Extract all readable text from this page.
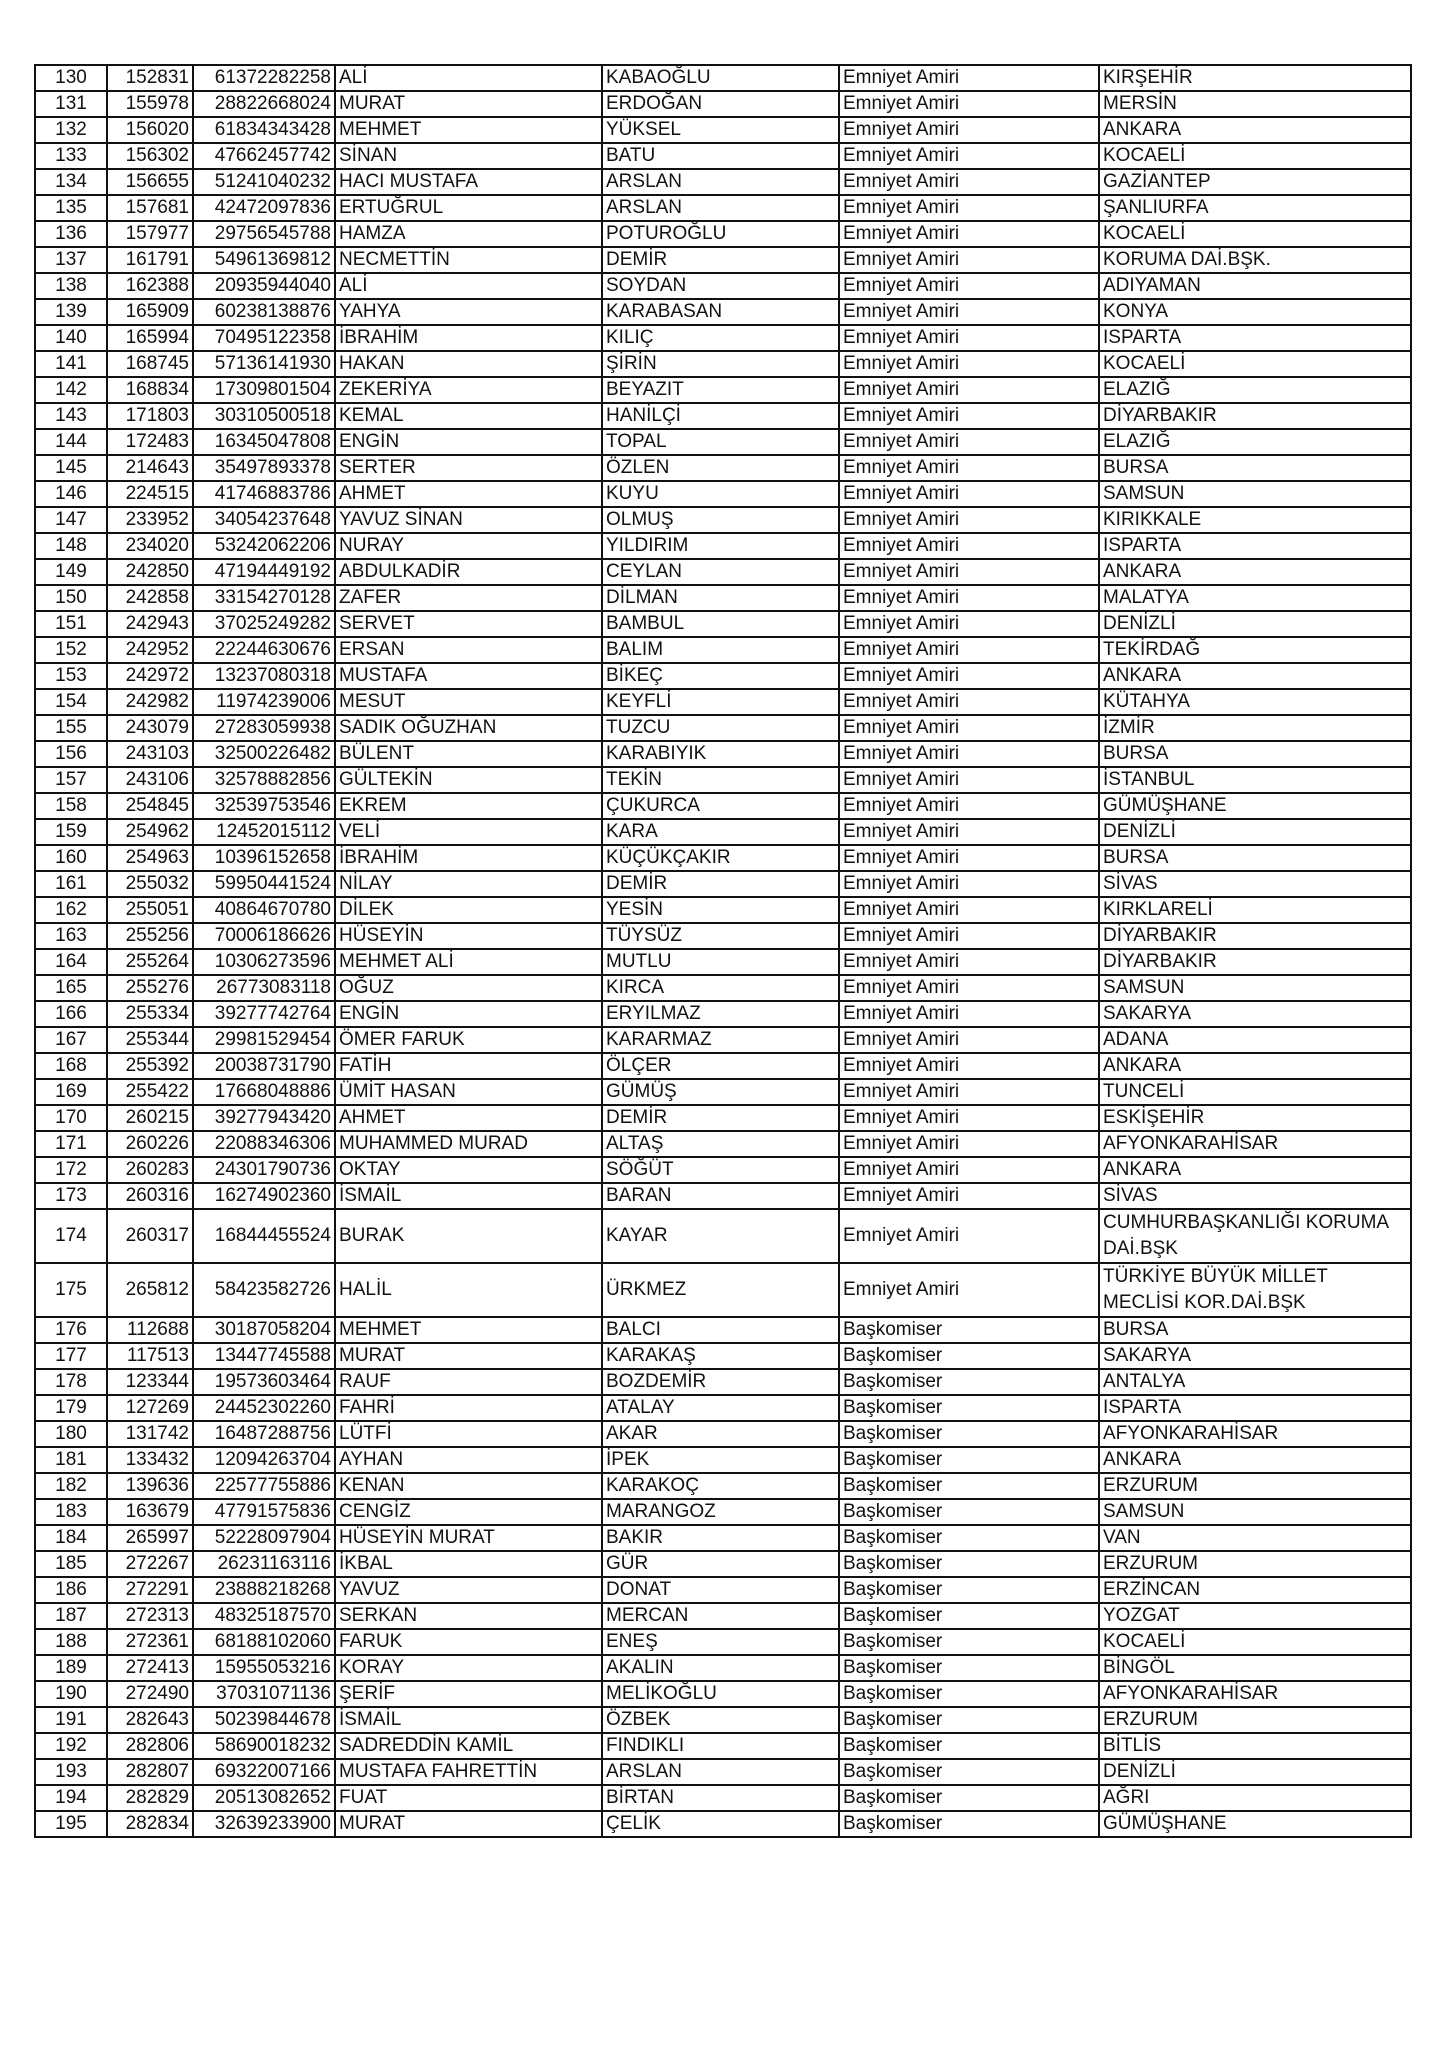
130	152831	61372282258	ALİ	KABAOĞLU	Emniyet Amiri	KIRŞEHİR
131	155978	28822668024	MURAT	ERDOĞAN	Emniyet Amiri	MERSİN
132	156020	61834343428	MEHMET	YÜKSEL	Emniyet Amiri	ANKARA
133	156302	47662457742	SİNAN	BATU	Emniyet Amiri	KOCAELİ
134	156655	51241040232	HACI MUSTAFA	ARSLAN	Emniyet Amiri	GAZİANTEP
135	157681	42472097836	ERTUĞRUL	ARSLAN	Emniyet Amiri	ŞANLIURFA
136	157977	29756545788	HAMZA	POTUROĞLU	Emniyet Amiri	KOCAELİ
137	161791	54961369812	NECMETTİN	DEMİR	Emniyet Amiri	KORUMA DAİ.BŞK.
138	162388	20935944040	ALİ	SOYDAN	Emniyet Amiri	ADIYAMAN
139	165909	60238138876	YAHYA	KARABASAN	Emniyet Amiri	KONYA
140	165994	70495122358	İBRAHİM	KILIÇ	Emniyet Amiri	ISPARTA
141	168745	57136141930	HAKAN	ŞİRİN	Emniyet Amiri	KOCAELİ
142	168834	17309801504	ZEKERİYA	BEYAZIT	Emniyet Amiri	ELAZIĞ
143	171803	30310500518	KEMAL	HANİLÇİ	Emniyet Amiri	DİYARBAKIR
144	172483	16345047808	ENGİN	TOPAL	Emniyet Amiri	ELAZIĞ
145	214643	35497893378	SERTER	ÖZLEN	Emniyet Amiri	BURSA
146	224515	41746883786	AHMET	KUYU	Emniyet Amiri	SAMSUN
147	233952	34054237648	YAVUZ SİNAN	OLMUŞ	Emniyet Amiri	KIRIKKALE
148	234020	53242062206	NURAY	YILDIRIM	Emniyet Amiri	ISPARTA
149	242850	47194449192	ABDULKADİR	CEYLAN	Emniyet Amiri	ANKARA
150	242858	33154270128	ZAFER	DİLMAN	Emniyet Amiri	MALATYA
151	242943	37025249282	SERVET	BAMBUL	Emniyet Amiri	DENİZLİ
152	242952	22244630676	ERSAN	BALIM	Emniyet Amiri	TEKİRDAĞ
153	242972	13237080318	MUSTAFA	BİKEÇ	Emniyet Amiri	ANKARA
154	242982	11974239006	MESUT	KEYFLİ	Emniyet Amiri	KÜTAHYA
155	243079	27283059938	SADIK OĞUZHAN	TUZCU	Emniyet Amiri	İZMİR
156	243103	32500226482	BÜLENT	KARABIYIK	Emniyet Amiri	BURSA
157	243106	32578882856	GÜLTEKİN	TEKİN	Emniyet Amiri	İSTANBUL
158	254845	32539753546	EKREM	ÇUKURCA	Emniyet Amiri	GÜMÜŞHANE
159	254962	12452015112	VELİ	KARA	Emniyet Amiri	DENİZLİ
160	254963	10396152658	İBRAHİM	KÜÇÜKÇAKIR	Emniyet Amiri	BURSA
161	255032	59950441524	NİLAY	DEMİR	Emniyet Amiri	SİVAS
162	255051	40864670780	DİLEK	YESİN	Emniyet Amiri	KIRKLARELİ
163	255256	70006186626	HÜSEYİN	TÜYSÜZ	Emniyet Amiri	DİYARBAKIR
164	255264	10306273596	MEHMET ALİ	MUTLU	Emniyet Amiri	DİYARBAKIR
165	255276	26773083118	OĞUZ	KIRCA	Emniyet Amiri	SAMSUN
166	255334	39277742764	ENGİN	ERYILMAZ	Emniyet Amiri	SAKARYA
167	255344	29981529454	ÖMER FARUK	KARARMAZ	Emniyet Amiri	ADANA
168	255392	20038731790	FATİH	ÖLÇER	Emniyet Amiri	ANKARA
169	255422	17668048886	ÜMİT HASAN	GÜMÜŞ	Emniyet Amiri	TUNCELİ
170	260215	39277943420	AHMET	DEMİR	Emniyet Amiri	ESKİŞEHİR
171	260226	22088346306	MUHAMMED MURAD	ALTAŞ	Emniyet Amiri	AFYONKARAHİSAR
172	260283	24301790736	OKTAY	SÖĞÜT	Emniyet Amiri	ANKARA
173	260316	16274902360	İSMAİL	BARAN	Emniyet Amiri	SİVAS
174	260317	16844455524	BURAK	KAYAR	Emniyet Amiri	CUMHURBAŞKANLIĞI KORUMA DAİ.BŞK
175	265812	58423582726	HALİL	ÜRKMEZ	Emniyet Amiri	TÜRKİYE BÜYÜK MİLLET MECLİSİ KOR.DAİ.BŞK
176	112688	30187058204	MEHMET	BALCI	Başkomiser	BURSA
177	117513	13447745588	MURAT	KARAKAŞ	Başkomiser	SAKARYA
178	123344	19573603464	RAUF	BOZDEMİR	Başkomiser	ANTALYA
179	127269	24452302260	FAHRİ	ATALAY	Başkomiser	ISPARTA
180	131742	16487288756	LÜTFİ	AKAR	Başkomiser	AFYONKARAHİSAR
181	133432	12094263704	AYHAN	İPEK	Başkomiser	ANKARA
182	139636	22577755886	KENAN	KARAKOÇ	Başkomiser	ERZURUM
183	163679	47791575836	CENGİZ	MARANGOZ	Başkomiser	SAMSUN
184	265997	52228097904	HÜSEYİN MURAT	BAKIR	Başkomiser	VAN
185	272267	26231163116	İKBAL	GÜR	Başkomiser	ERZURUM
186	272291	23888218268	YAVUZ	DONAT	Başkomiser	ERZİNCAN
187	272313	48325187570	SERKAN	MERCAN	Başkomiser	YOZGAT
188	272361	68188102060	FARUK	ENEŞ	Başkomiser	KOCAELİ
189	272413	15955053216	KORAY	AKALIN	Başkomiser	BİNGÖL
190	272490	37031071136	ŞERİF	MELİKOĞLU	Başkomiser	AFYONKARAHİSAR
191	282643	50239844678	İSMAİL	ÖZBEK	Başkomiser	ERZURUM
192	282806	58690018232	SADREDDİN KAMİL	FINDIKLI	Başkomiser	BİTLİS
193	282807	69322007166	MUSTAFA FAHRETTİN	ARSLAN	Başkomiser	DENİZLİ
194	282829	20513082652	FUAT	BİRTAN	Başkomiser	AĞRI
195	282834	32639233900	MURAT	ÇELİK	Başkomiser	GÜMÜŞHANE
